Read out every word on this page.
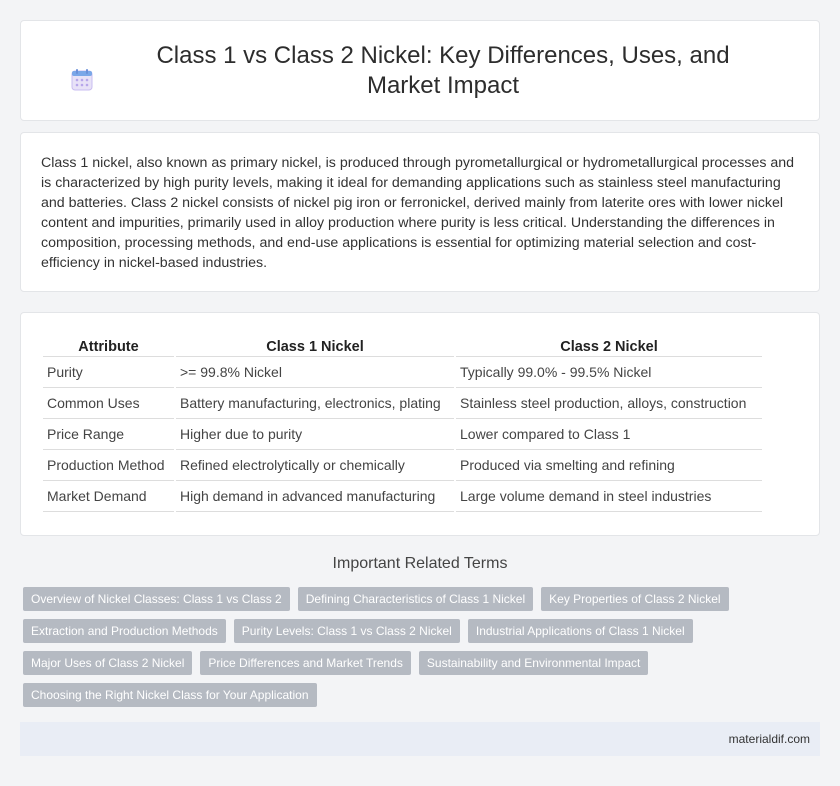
Class 1 vs Class 2 Nickel: Key Differences, Uses, and Market Impact

Class 1 nickel, also known as primary nickel, is produced through pyrometallurgical or hydrometallurgical processes and is characterized by high purity levels, making it ideal for demanding applications such as stainless steel manufacturing and batteries. Class 2 nickel consists of nickel pig iron or ferronickel, derived mainly from laterite ores with lower nickel content and impurities, primarily used in alloy production where purity is less critical. Understanding the differences in composition, processing methods, and end-use applications is essential for optimizing material selection and cost-efficiency in nickel-based industries.

Attribute	Class 1 Nickel	Class 2 Nickel
Purity	>= 99.8% Nickel	Typically 99.0% - 99.5% Nickel
Common Uses	Battery manufacturing, electronics, plating	Stainless steel production, alloys, construction
Price Range	Higher due to purity	Lower compared to Class 1
Production Method	Refined electrolytically or chemically	Produced via smelting and refining
Market Demand	High demand in advanced manufacturing	Large volume demand in steel industries
Important Related Terms
Overview of Nickel Classes: Class 1 vs Class 2	Defining Characteristics of Class 1 Nickel	Key Properties of Class 2 Nickel
Extraction and Production Methods	Purity Levels: Class 1 vs Class 2 Nickel	Industrial Applications of Class 1 Nickel
Major Uses of Class 2 Nickel	Price Differences and Market Trends	Sustainability and Environmental Impact
Choosing the Right Nickel Class for Your Application
materialdif.com
